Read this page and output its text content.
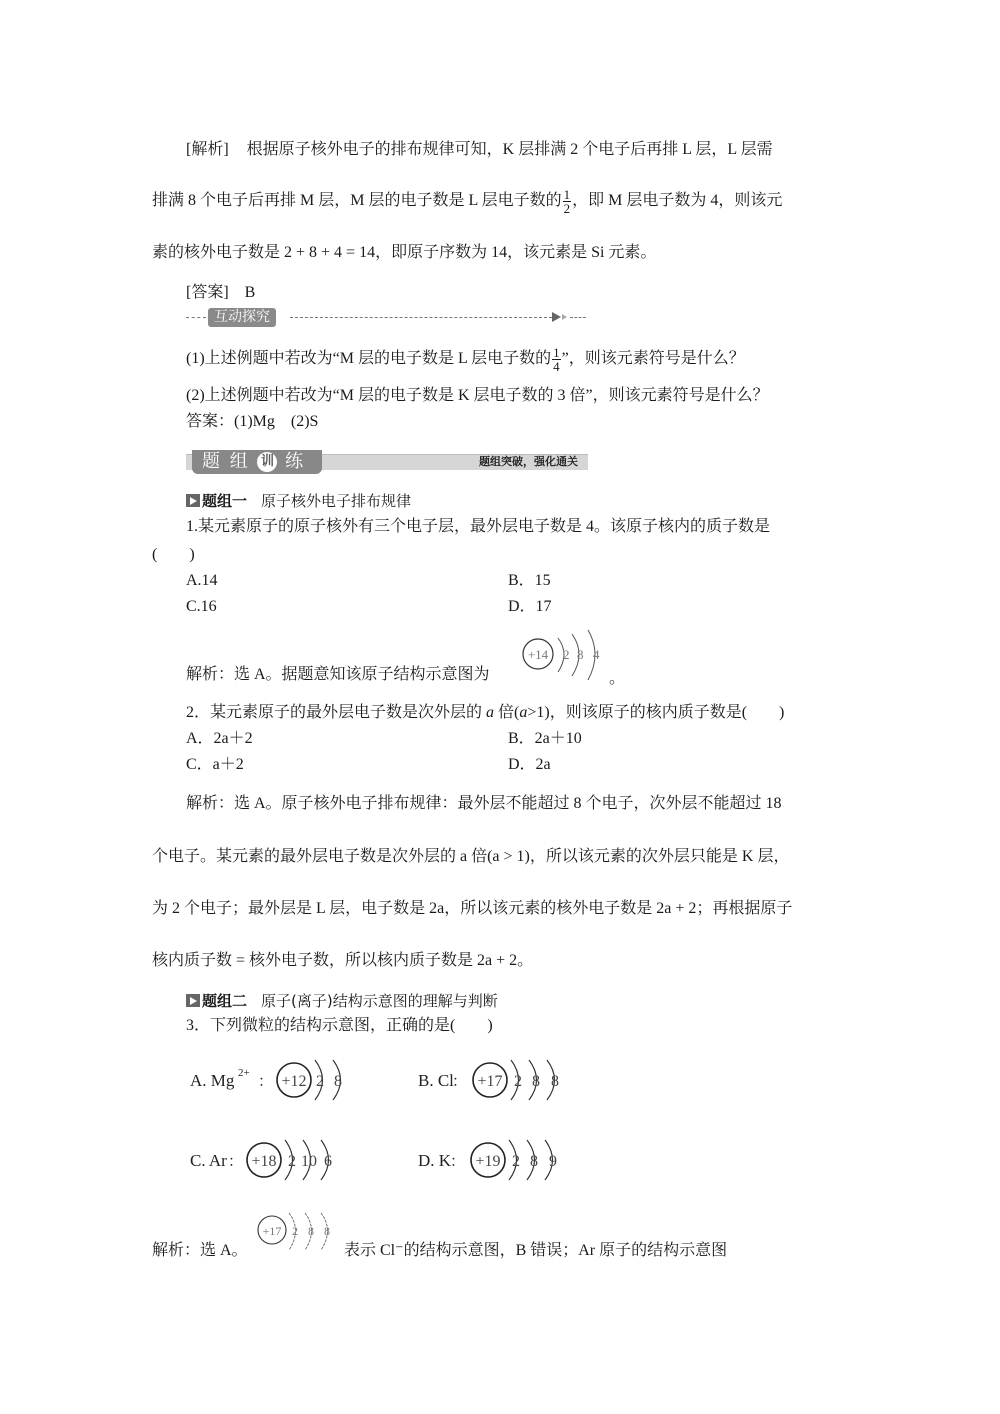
[解析] 根据原子核外电子的排布规律可知，K 层排满 2 个电子后再排 L 层，L 层需
排满 8 个电子后再排 M 层，M 层的电子数是 L 层电子数的 $\frac{1}{2}$ ，即 M 层电子数为 4，则该元
素的核外电子数是 2 + 8 + 4 = 14，即原子序数为 14，该元素是 Si 元素。
[答案] B
互动探究
(1)上述例题中若改为“M 层的电子数是 L 层电子数的 $\frac{1}{4}$ ”，则该元素符号是什么？
(2)上述例题中若改为“M 层的电子数是 K 层电子数的 3 倍”，则该元素符号是什么？
答案：(1)Mg　(2)S
题 组 训 练	题组突破，强化通关
题组一 原子核外电子排布规律
1.某元素原子的原子核外有三个电子层，最外层电子数是 4。该原子核内的质子数是
(　　)
A.14	B．15
C.16	D．17
解析：选 A。据题意知该原子结构示意图为
+14 2 8 4
。
2．某元素原子的最外层电子数是次外层的 a 倍(a>1)，则该原子的核内质子数是(　　)
A．2a＋2	B．2a＋10
C．a＋2	D．2a
解析：选 A。原子核外电子排布规律：最外层不能超过 8 个电子，次外层不能超过 18
个电子。某元素的最外层电子数是次外层的 a 倍(a > 1)，所以该元素的次外层只能是 K 层，
为 2 个电子；最外层是 L 层，电子数是 2a，所以该元素的核外电子数是 2a + 2；再根据原子
核内质子数 = 核外电子数，所以核内质子数是 2a + 2。
题组二 原子(离子)结构示意图的理解与判断
3．下列微粒的结构示意图，正确的是(　　)
A. Mg 2+ ： +12 2 8	B. Cl
： +17 2 8 8
C. Ar ： +18 2 10 6	D. K
： +19 2 8 9
解析：选 A。
+17 2 8 8
表示 Cl⁻的结构示意图，B 错误；Ar 原子的结构示意图
